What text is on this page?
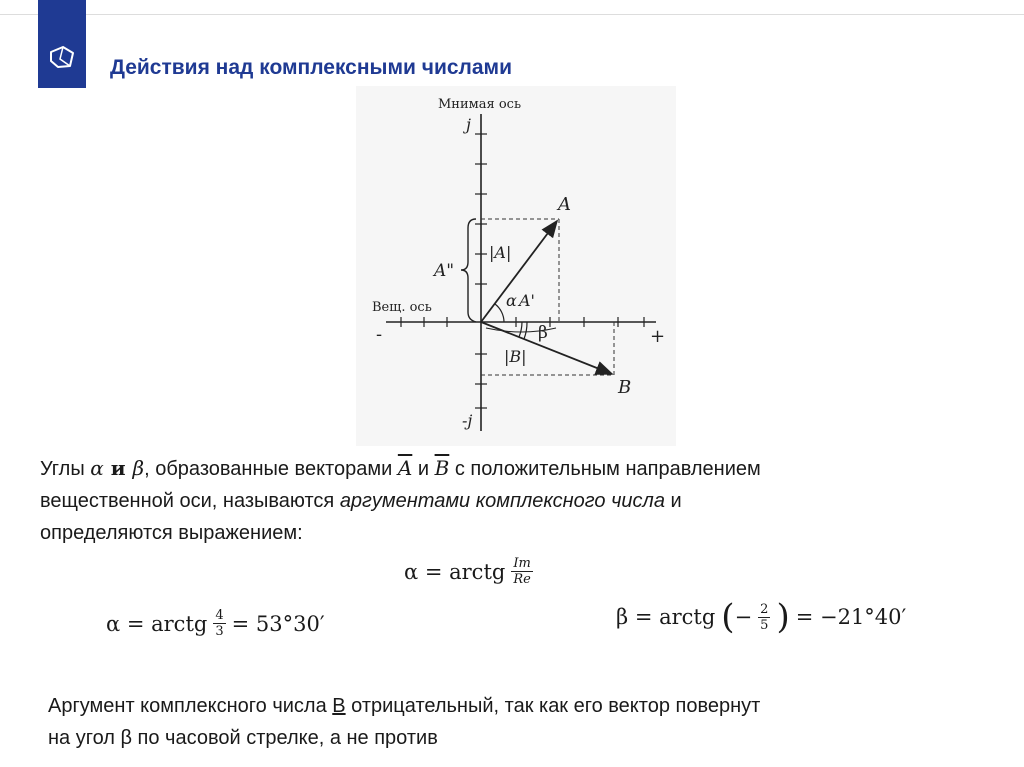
Действия над комплексными числами
Мнимая ось
Вещ. ось
j
-j
+
-
A
B
|A|
|B|
A"
α A'
β
Углы α и β, образованные векторами $\overline{A}$ и $\overline{B}$ с положительным направлением
вещественной оси, называются аргументами комплексного числа и
определяются выражением:
α = arctg $\frac{Im}{Re}$
α = arctg $\frac{4}{3} = 53^\circ 30'$	β = arctg ( − $\frac{2}{5}$ ) = −21°40′
Аргумент комплексного числа В отрицательный, так как его вектор повернут
на угол β по часовой стрелке, а не против
